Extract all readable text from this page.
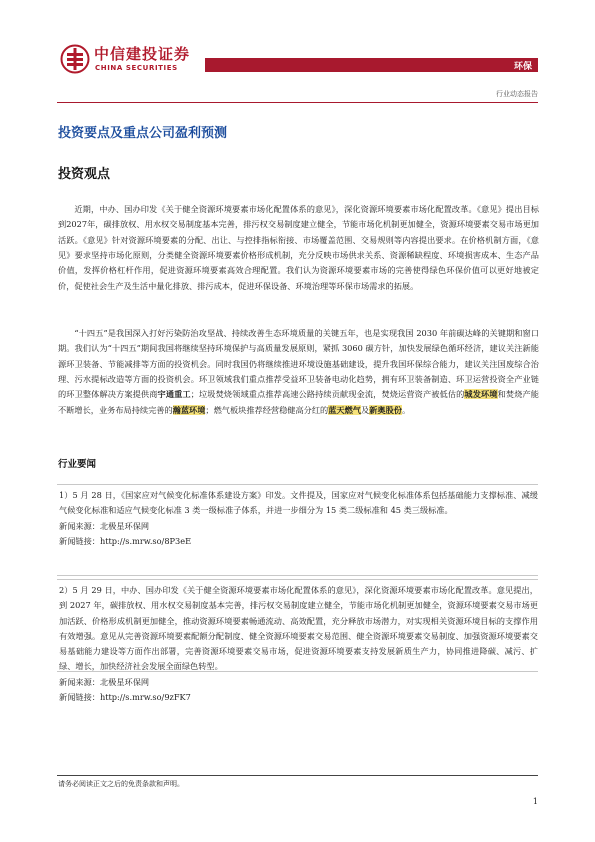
中信建投证券
CHINA SECURITIES	环保
行业动态报告
投资要点及重点公司盈利预测
投资观点

近期，中办、国办印发《关于健全资源环境要素市场化配置体系的意见》，深化资源环境要素市场化配置改革。《意见》提出目标到2027年，碳排放权、用水权交易制度基本完善，排污权交易制度建立健全，节能市场化机制更加健全，资源环境要素交易市场更加活跃。《意见》针对资源环境要素的分配、出让、与控排指标衔接、市场覆盖范围、交易规则等内容提出要求。在价格机制方面，《意见》要求坚持市场化原则，分类健全资源环境要素价格形成机制，充分反映市场供求关系、资源稀缺程度、环境损害成本、生态产品价值，发挥价格杠杆作用，促进资源环境要素高效合理配置。我们认为资源环境要素市场的完善使得绿色环保价值可以更好地被定价，促使社会生产及生活中量化排放、排污成本，促进环保设备、环境治理等环保市场需求的拓展。

“十四五”是我国深入打好污染防治攻坚战、持续改善生态环境质量的关键五年，也是实现我国 2030 年前碳达峰的关键期和窗口期。我们认为“十四五”期间我国将继续坚持环境保护与高质量发展原则，紧抓 3060 碳方针，加快发展绿色循环经济，建议关注新能源环卫装备、节能减排等方面的投资机会。同时我国仍将继续推进环境设施基础建设，提升我国环保综合能力，建议关注国废综合治理、污水提标改造等方面的投资机会。环卫领域我们重点推荐受益环卫装备电动化趋势，拥有环卫装备制造、环卫运营投资全产业链的环卫整体解决方案提供商宇通重工；垃圾焚烧领域重点推荐高速公路持续贡献现金流，焚烧运营资产被低估的城发环境和焚烧产能不断增长，业务布局持续完善的瀚蓝环境；燃气板块推荐经营稳健高分红的蓝天燃气及新奥股份。

行业要闻

1）5 月 28 日，《国家应对气候变化标准体系建设方案》印发。文件提及，国家应对气候变化标准体系包括基础能力支撑标准、减缓气候变化标准和适应气候变化标准 3 类一级标准子体系，并进一步细分为 15 类二级标准和 45 类三级标准。

新闻来源：北极星环保网

新闻链接：http://s.mrw.so/8P3eE

2）5 月 29 日，中办、国办印发《关于健全资源环境要素市场化配置体系的意见》，深化资源环境要素市场化配置改革。意见提出，到 2027 年，碳排放权、用水权交易制度基本完善，排污权交易制度建立健全，节能市场化机制更加健全，资源环境要素交易市场更加活跃、价格形成机制更加健全，推动资源环境要素畅通流动、高效配置，充分释放市场潜力，对实现相关资源环境目标的支撑作用有效增强。意见从完善资源环境要素配额分配制度、健全资源环境要素交易范围、健全资源环境要素交易制度、加强资源环境要素交易基础能力建设等方面作出部署，完善资源环境要素交易市场，促进资源环境要素支持发展新质生产力，协同推进降碳、减污、扩绿、增长，加快经济社会发展全面绿色转型。

新闻来源：北极星环保网

新闻链接：http://s.mrw.so/9zFK7

请务必阅读正文之后的免责条款和声明。
1
